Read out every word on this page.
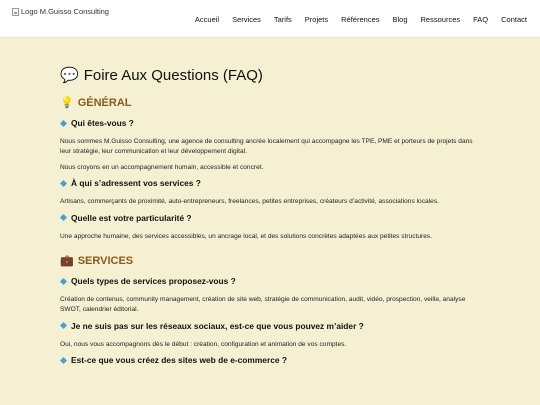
Logo M.Guisso Consulting
Accueil Services Tarifs Projets Références Blog Ressources FAQ Contact
💬 Foire Aux Questions (FAQ)
💡 GÉNÉRAL
Qui êtes-vous ?

Nous sommes M.Guisso Consulting, une agence de consulting ancrée localement qui accompagne les TPE, PME et porteurs de projets dans leur stratégie, leur communication et leur développement digital.

Nous croyons en un accompagnement humain, accessible et concret.

À qui s’adressent vos services ?

Artisans, commerçants de proximité, auto-entrepreneurs, freelances, petites entreprises, créateurs d’activité, associations locales.

Quelle est votre particularité ?

Une approche humaine, des services accessibles, un ancrage local, et des solutions concrètes adaptées aux petites structures.

💼 SERVICES
Quels types de services proposez-vous ?

Création de contenus, community management, création de site web, stratégie de communication, audit, vidéo, prospection, veille, analyse SWOT, calendrier éditorial.

Je ne suis pas sur les réseaux sociaux, est-ce que vous pouvez m’aider ?

Oui, nous vous accompagnons dès le début : création, configuration et animation de vos comptes.

Est-ce que vous créez des sites web de e-commerce ?
